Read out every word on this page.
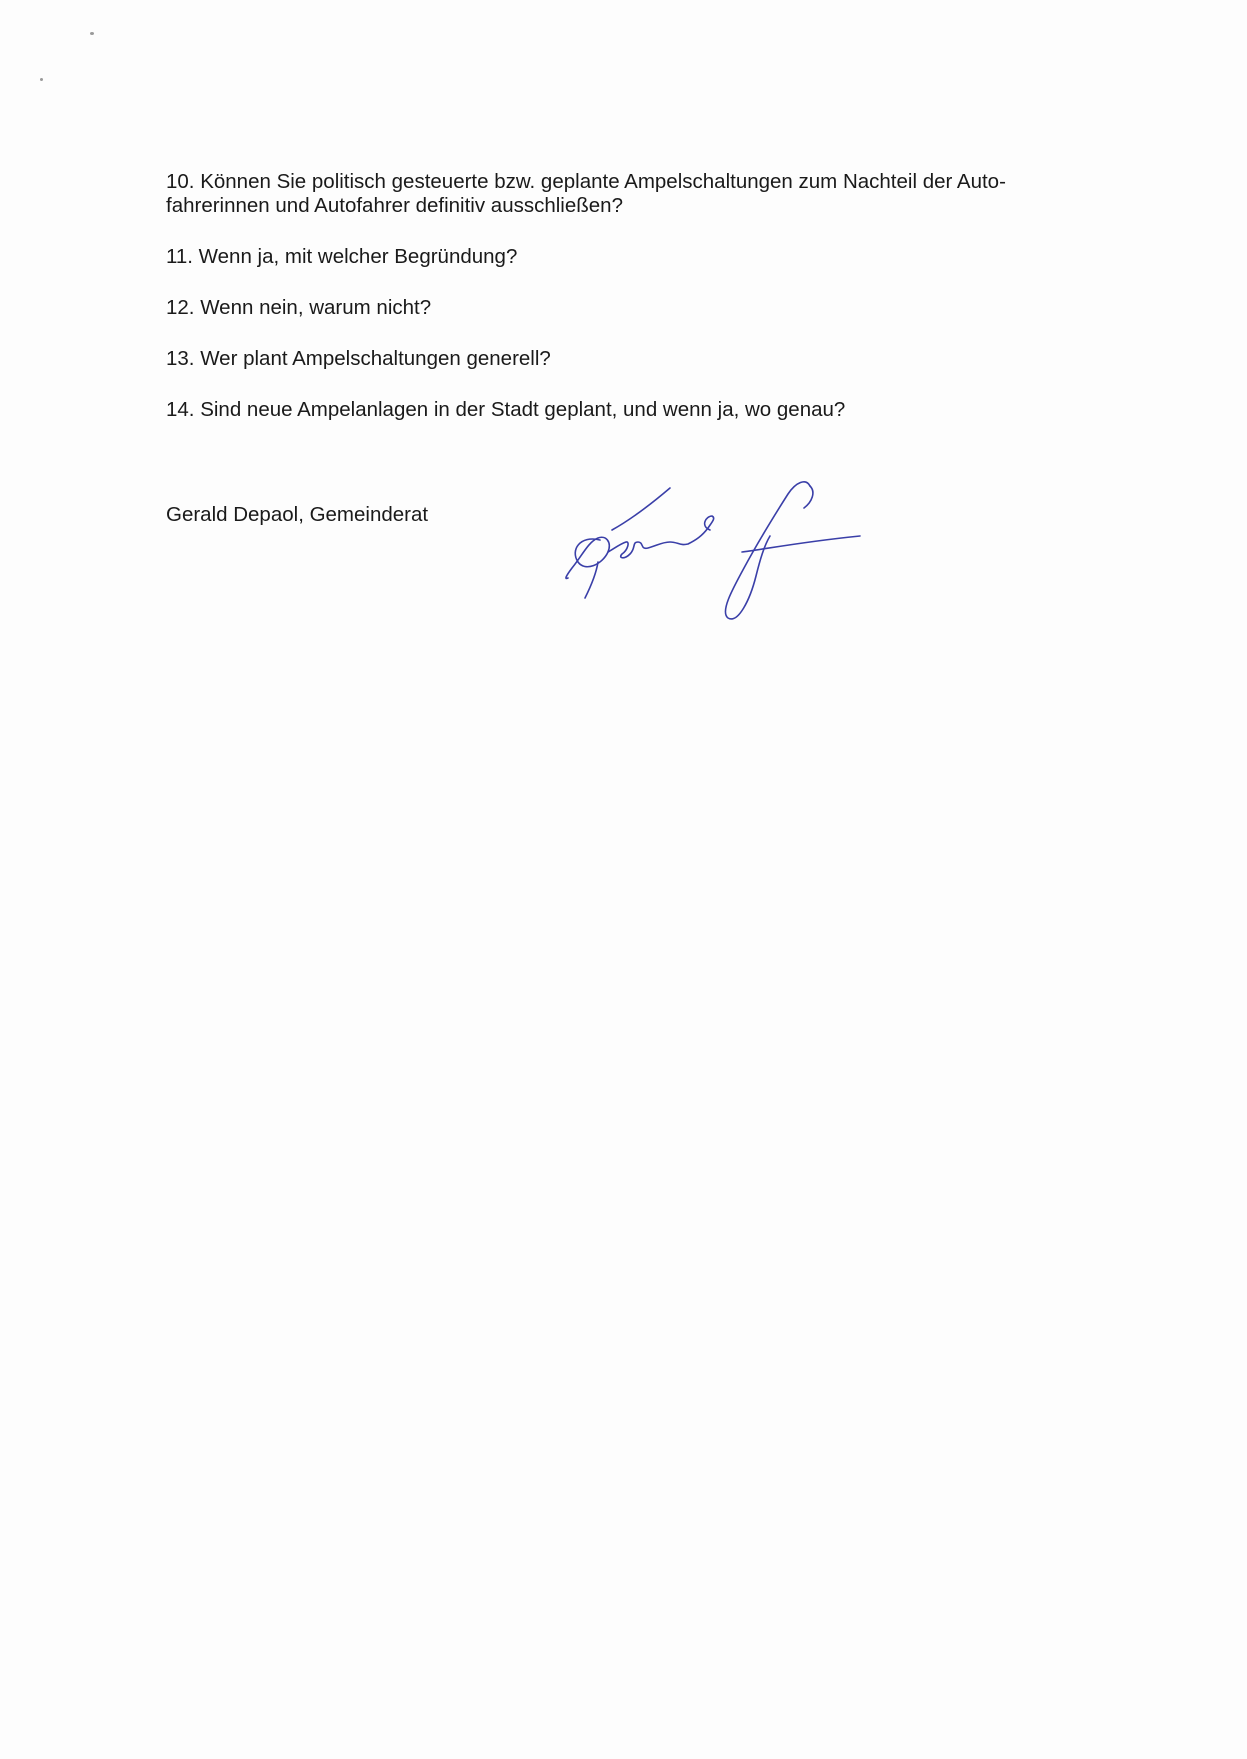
10. Können Sie politisch gesteuerte bzw. geplante Ampelschaltungen zum Nachteil der Auto-
fahrerinnen und Autofahrer definitiv ausschließen?
11. Wenn ja, mit welcher Begründung?
12. Wenn nein, warum nicht?
13. Wer plant Ampelschaltungen generell?
14. Sind neue Ampelanlagen in der Stadt geplant, und wenn ja, wo genau?
Gerald Depaol, Gemeinderat
